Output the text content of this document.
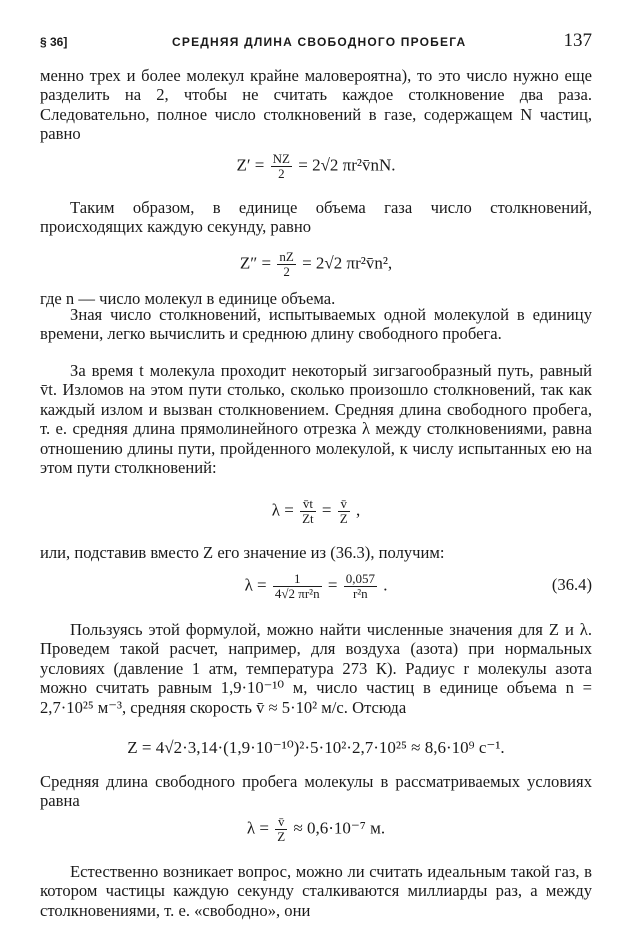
§ 36]	СРЕДНЯЯ ДЛИНА СВОБОДНОГО ПРОБЕГА	137

менно трех и более молекул крайне маловероятна), то это число нужно еще разделить на 2, чтобы не считать каждое столкновение два раза. Следовательно, полное число столкновений в газе, содержащем N частиц, равно

$Z' = \frac{NZ}{2} = 2√2$ πr²v̄nN.

Таким образом, в единице объема газа число столкновений, происходящих каждую секунду, равно

$Z'' = \frac{nZ}{2} = 2√2$ πr²v̄n²,

где n — число молекул в единице объема.

Зная число столкновений, испытываемых одной молекулой в единицу времени, легко вычислить и среднюю длину свободного пробега.

За время t молекула проходит некоторый зигзагообразный путь, равный v̄t. Изломов на этом пути столько, сколько произошло столкновений, так как каждый излом и вызван столкновением. Средняя длина свободного пробега, т. е. средняя длина прямолинейного отрезка λ между столкновениями, равна отношению длины пути, пройденного молекулой, к числу испытанных ею на этом пути столкновений:

$\lambda = \frac{v̄t}{Zt} = \frac{v̄}{Z}$ ,

или, подставив вместо Z его значение из (36.3), получим:

$\lambda = \frac{1}{\text{4√2 πr²n}} = \frac{0,057}{\text{r²n}}$ .	(36.4)

Пользуясь этой формулой, можно найти численные значения для Z и λ. Проведем такой расчет, например, для воздуха (азота) при нормальных условиях (давление 1 атм, температура 273 К). Радиус r молекулы азота можно считать равным 1,9·10⁻¹⁰ м, число частиц в единице объема n = 2,7·10²⁵ м⁻³, средняя скорость v̄ ≈ 5·10² м/с. Отсюда

Z = 4√2·3,14·(1,9·10⁻¹⁰)²·5·10²·2,7·10²⁵ ≈ 8,6·10⁹ с⁻¹.

Средняя длина свободного пробега молекулы в рассматриваемых условиях равна

$\lambda = \frac{v̄}{Z} \approx 0,6\cdot 10^{-7}$ м.

Естественно возникает вопрос, можно ли считать идеальным такой газ, в котором частицы каждую секунду сталкиваются миллиарды раз, а между столкновениями, т. е. «свободно», они
